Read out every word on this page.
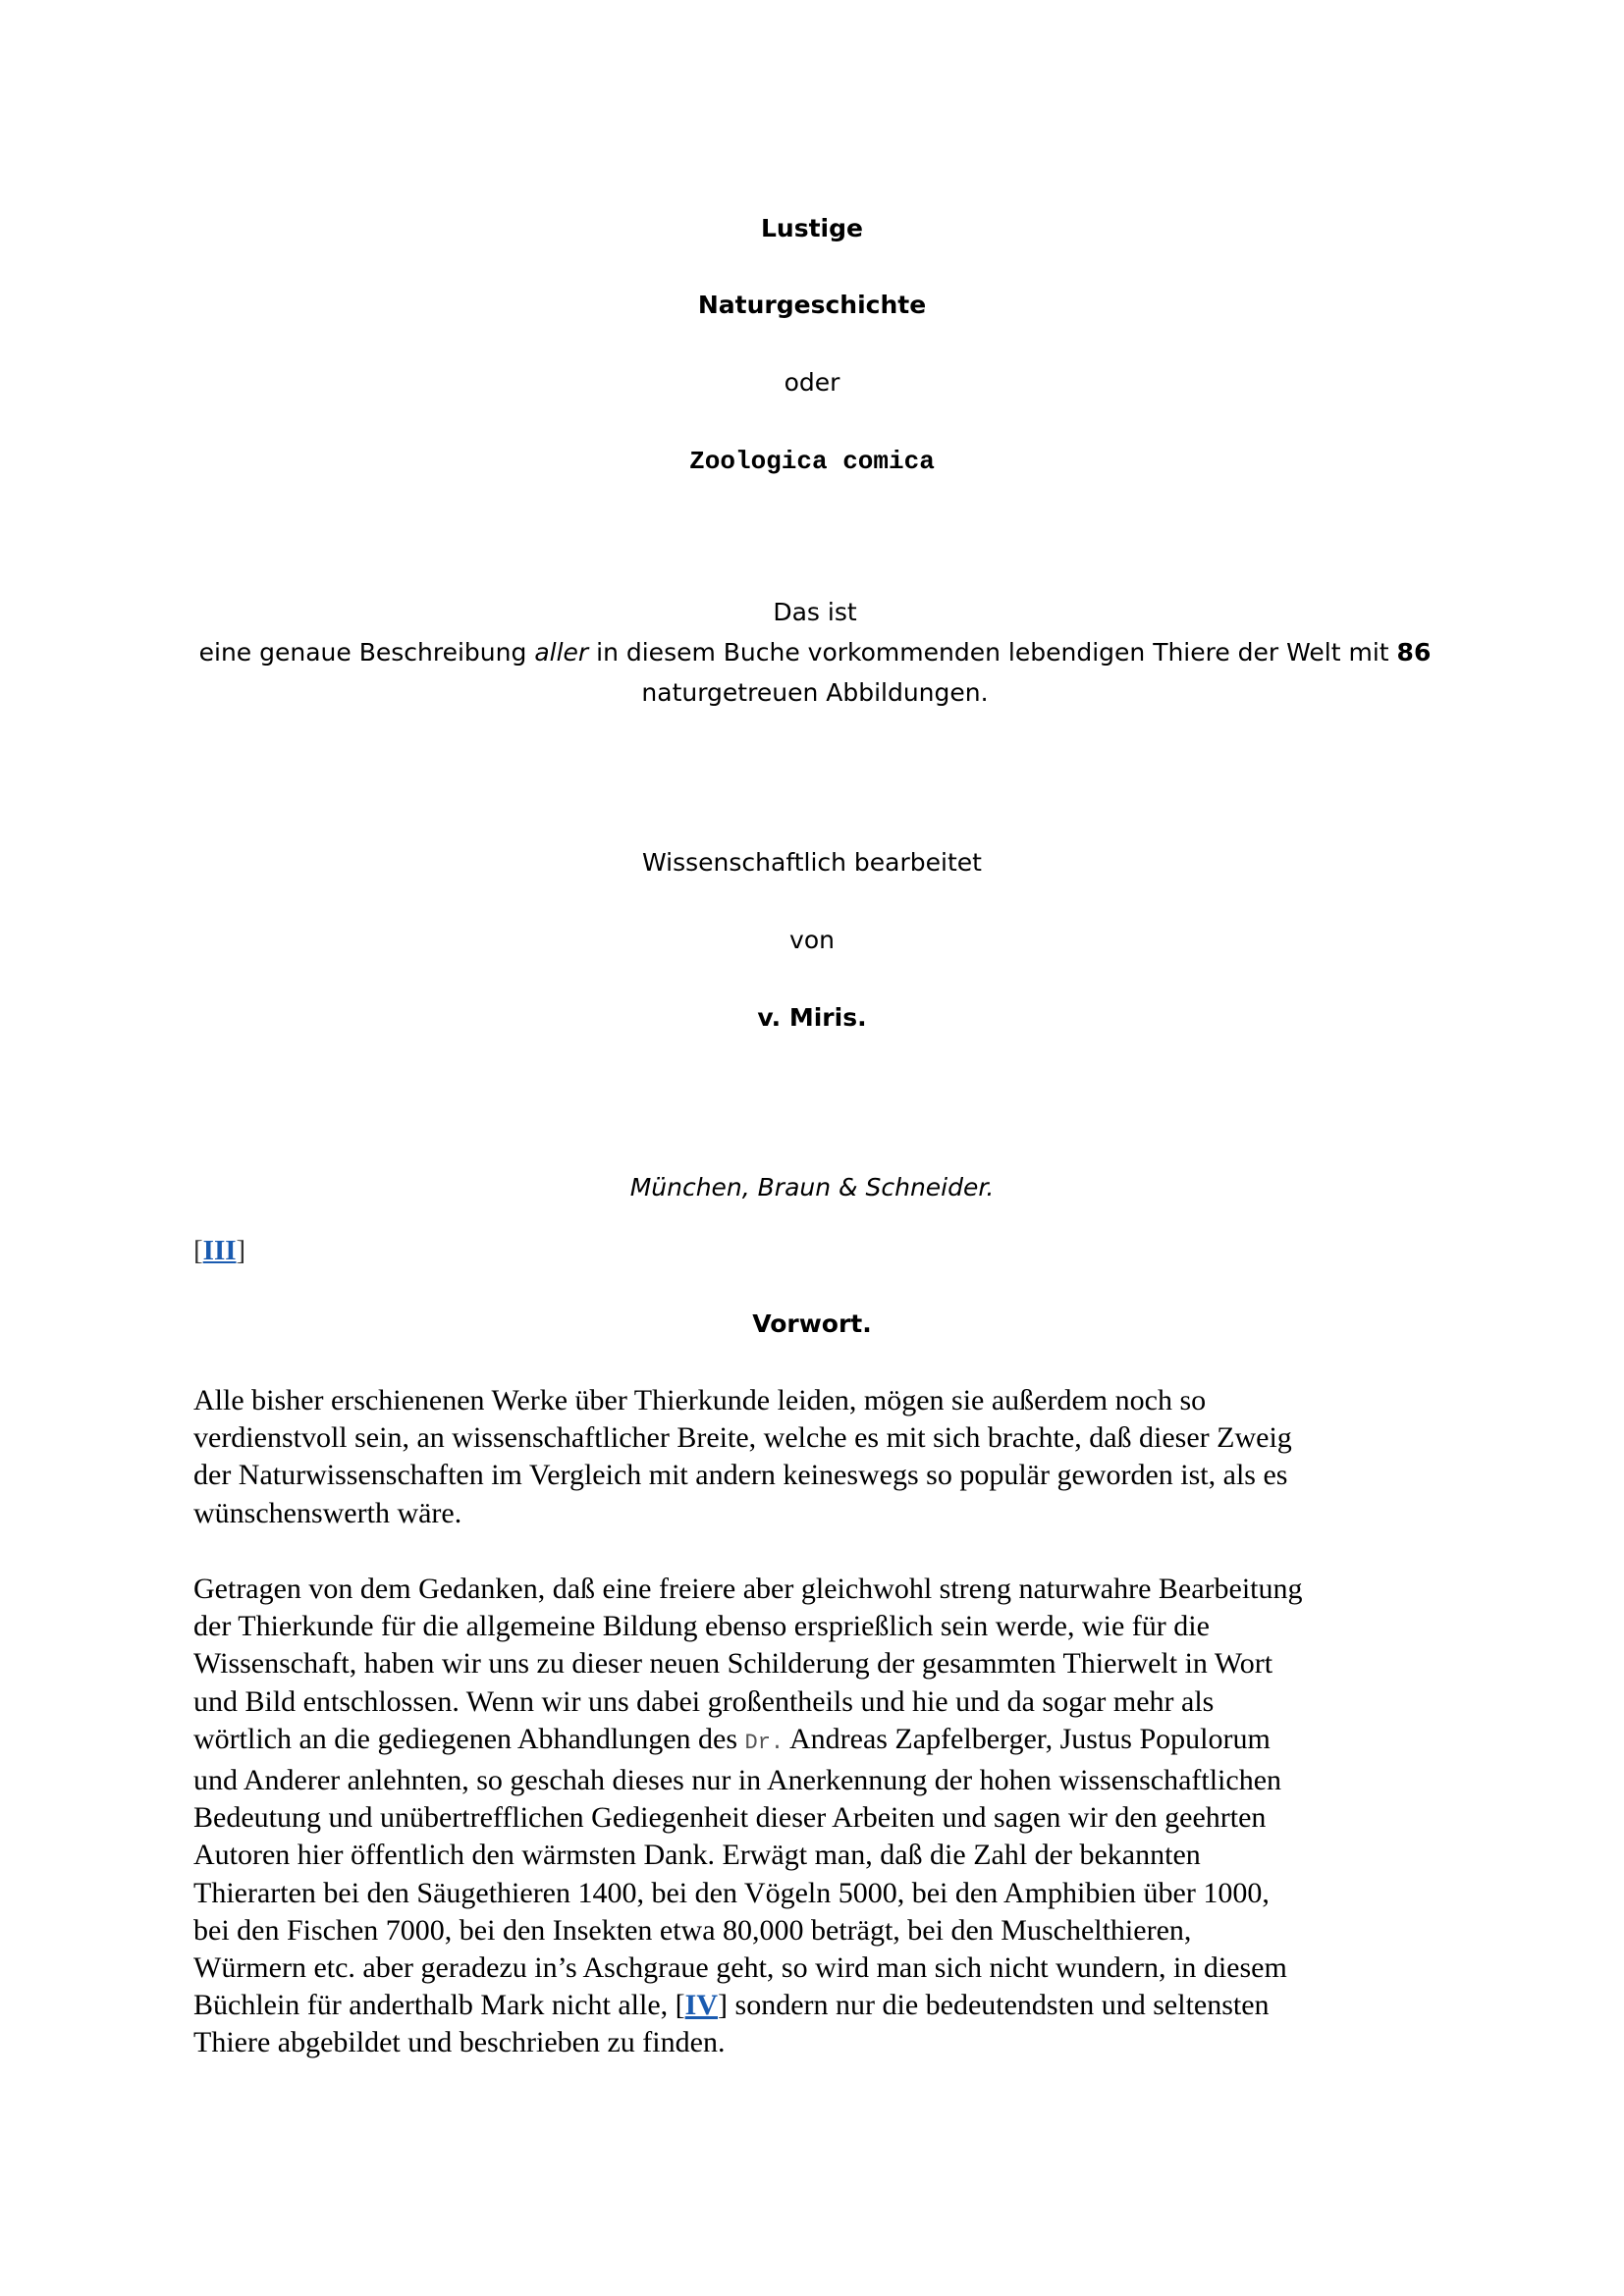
Lustige
Naturgeschichte
oder
Zoologica comica
Das ist
eine genaue Beschreibung aller in diesem Buche vorkommenden lebendigen Thiere der Welt mit 86
naturgetreuen Abbildungen.
Wissenschaftlich bearbeitet
von
v. Miris.
München, Braun & Schneider.
[III]
Vorwort.
Alle bisher erschienenen Werke über Thierkunde leiden, mögen sie außerdem noch so
verdienstvoll sein, an wissenschaftlicher Breite, welche es mit sich brachte, daß dieser Zweig
der Naturwissenschaften im Vergleich mit andern keineswegs so populär geworden ist, als es
wünschenswerth wäre.
Getragen von dem Gedanken, daß eine freiere aber gleichwohl streng naturwahre Bearbeitung
der Thierkunde für die allgemeine Bildung ebenso ersprießlich sein werde, wie für die
Wissenschaft, haben wir uns zu dieser neuen Schilderung der gesammten Thierwelt in Wort
und Bild entschlossen. Wenn wir uns dabei großentheils und hie und da sogar mehr als
wörtlich an die gediegenen Abhandlungen des Dr. Andreas Zapfelberger, Justus Populorum
und Anderer anlehnten, so geschah dieses nur in Anerkennung der hohen wissenschaftlichen
Bedeutung und unübertrefflichen Gediegenheit dieser Arbeiten und sagen wir den geehrten
Autoren hier öffentlich den wärmsten Dank. Erwägt man, daß die Zahl der bekannten
Thierarten bei den Säugethieren 1400, bei den Vögeln 5000, bei den Amphibien über 1000,
bei den Fischen 7000, bei den Insekten etwa 80,000 beträgt, bei den Muschelthieren,
Würmern etc. aber geradezu in’s Aschgraue geht, so wird man sich nicht wundern, in diesem
Büchlein für anderthalb Mark nicht alle, [IV] sondern nur die bedeutendsten und seltensten
Thiere abgebildet und beschrieben zu finden.
